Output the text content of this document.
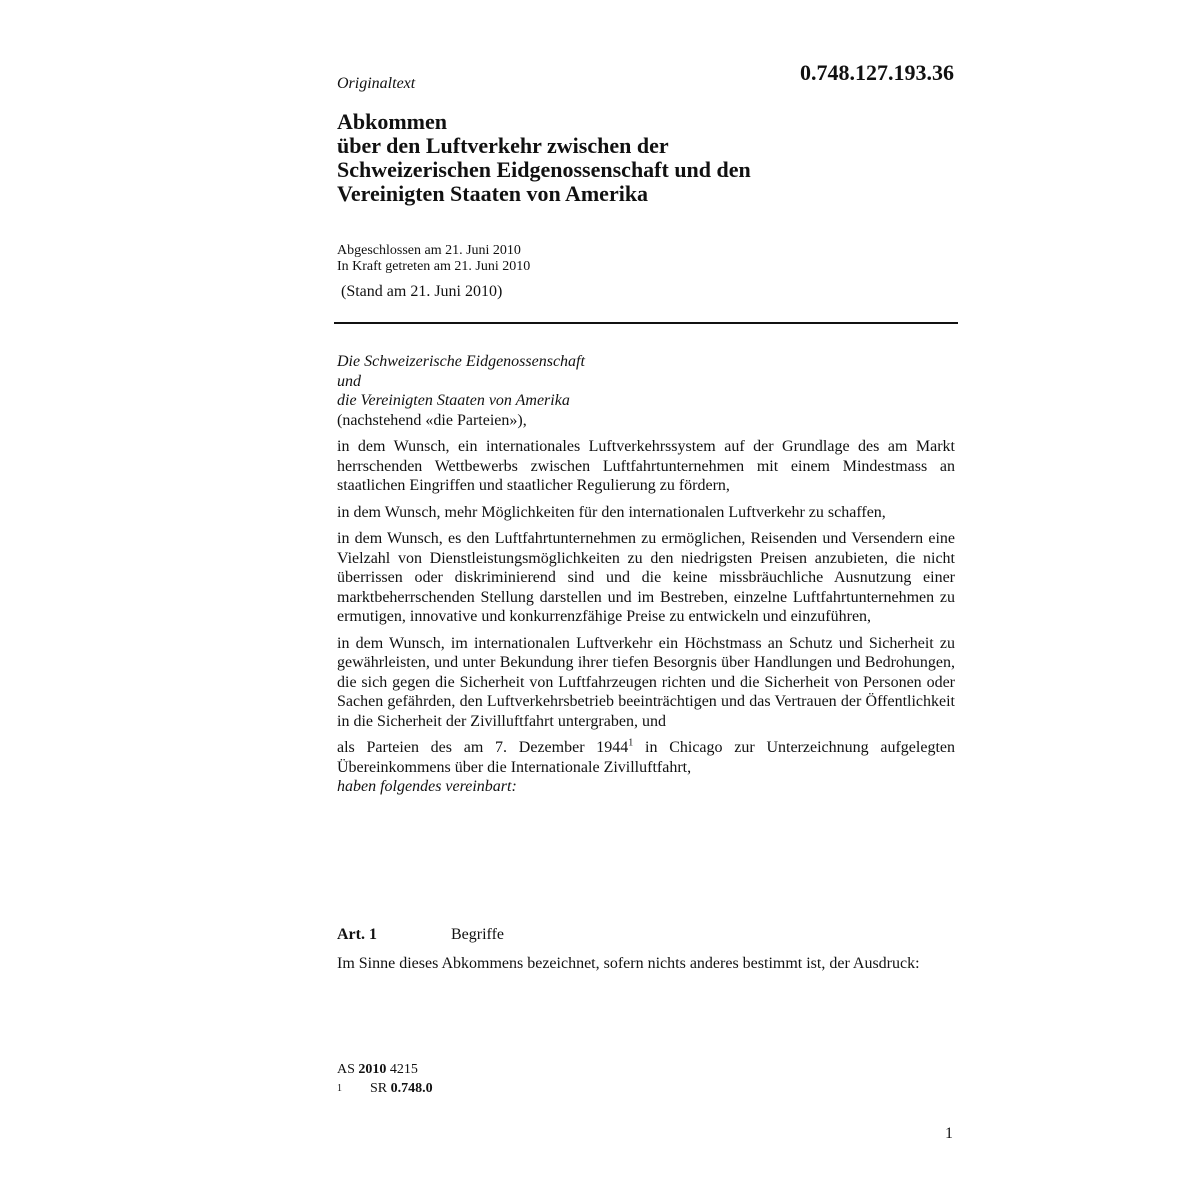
Originaltext	0.748.127.193.36
Abkommen
über den Luftverkehr zwischen der
Schweizerischen Eidgenossenschaft und den
Vereinigten Staaten von Amerika
Abgeschlossen am 21. Juni 2010
In Kraft getreten am 21. Juni 2010
(Stand am 21. Juni 2010)
Die Schweizerische Eidgenossenschaft
und
die Vereinigten Staaten von Amerika
(nachstehend «die Parteien»),

in dem Wunsch, ein internationales Luftverkehrssystem auf der Grundlage des am Markt herrschenden Wettbewerbs zwischen Luftfahrtunternehmen mit einem Mindestmass an staatlichen Eingriffen und staatlicher Regulierung zu fördern,

in dem Wunsch, mehr Möglichkeiten für den internationalen Luftverkehr zu schaffen,

in dem Wunsch, es den Luftfahrtunternehmen zu ermöglichen, Reisenden und Versendern eine Vielzahl von Dienstleistungsmöglichkeiten zu den niedrigsten Preisen anzubieten, die nicht überrissen oder diskriminierend sind und die keine missbräuchliche Ausnutzung einer marktbeherrschenden Stellung darstellen und im Bestreben, einzelne Luftfahrtunternehmen zu ermutigen, innovative und konkurrenzfähige Preise zu entwickeln und einzuführen,

in dem Wunsch, im internationalen Luftverkehr ein Höchstmass an Schutz und Sicherheit zu gewährleisten, und unter Bekundung ihrer tiefen Besorgnis über Handlungen und Bedrohungen, die sich gegen die Sicherheit von Luftfahrzeugen richten und die Sicherheit von Personen oder Sachen gefährden, den Luftverkehrsbetrieb beeinträchtigen und das Vertrauen der Öffentlichkeit in die Sicherheit der Zivilluftfahrt untergraben, und

als Parteien des am 7. Dezember 1944$^1$ in Chicago zur Unterzeichnung aufgelegten Übereinkommens über die Internationale Zivilluftfahrt,

haben folgendes vereinbart:
Art. 1	Begriffe
Im Sinne dieses Abkommens bezeichnet, sofern nichts anderes bestimmt ist, der Ausdruck:
AS 2010 4215
1 SR 0.748.0
1
